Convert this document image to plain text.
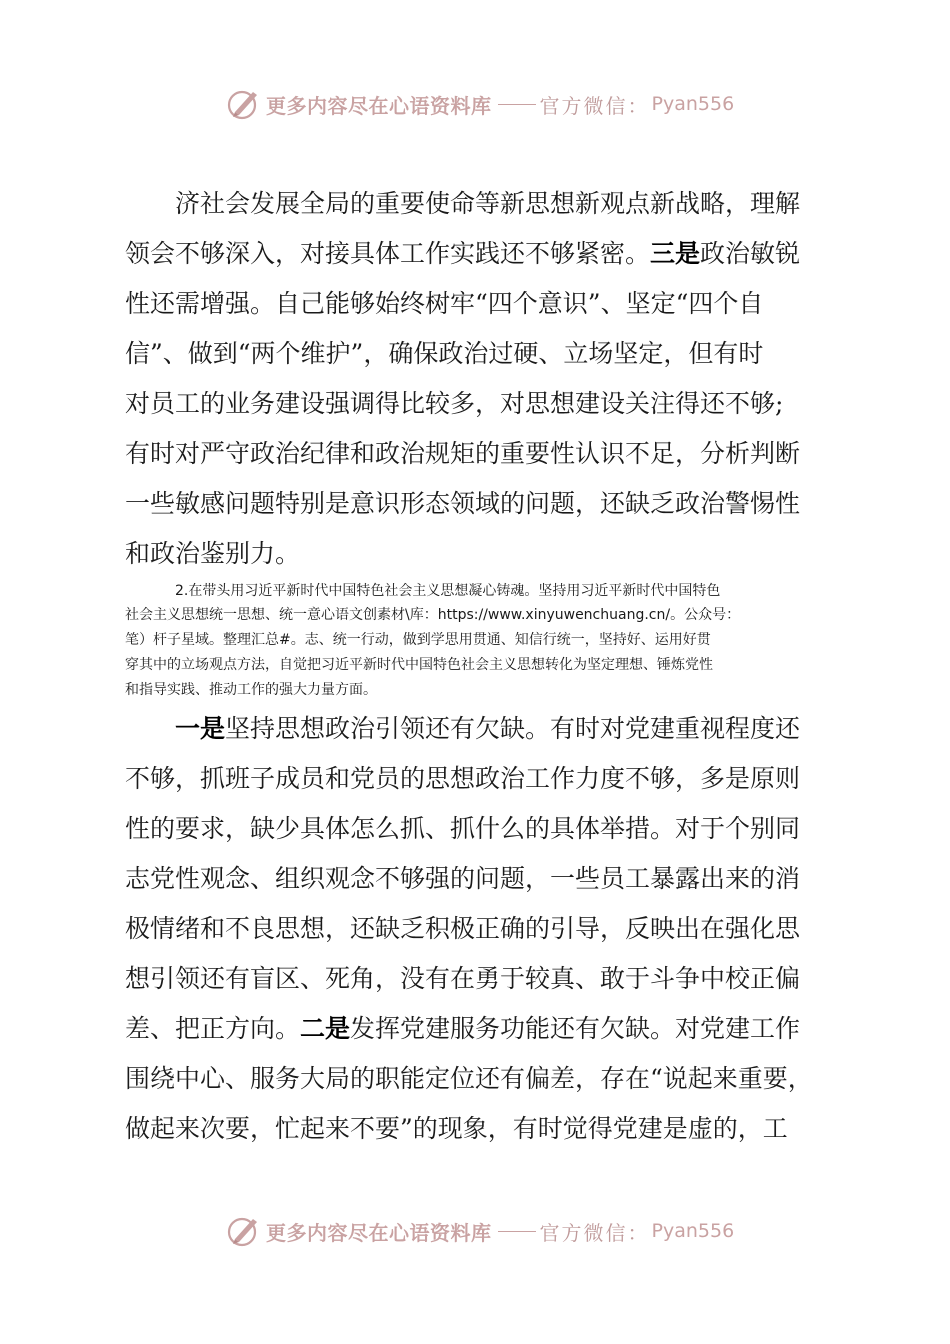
更多内容尽在心语资料库 官方微信： Pyan556
济社会发展全局的重要使命等新思想新观点新战略，理解
领会不够深入，对接具体工作实践还不够紧密。三是政治敏锐
性还需增强。自己能够始终树牢“四个意识”、坚定“四个自
信”、做到“两个维护”，确保政治过硬、立场坚定，但有时
对员工的业务建设强调得比较多，对思想建设关注得还不够;
有时对严守政治纪律和政治规矩的重要性认识不足，分析判断
一些敏感问题特别是意识形态领域的问题，还缺乏政治警惕性
和政治鉴别力。
2.在带头用习近平新时代中国特色社会主义思想凝心铸魂。坚持用习近平新时代中国特色
社会主义思想统一思想、统一意心语文创素材\库：https://www.xinyuwenchuang.cn/。公众号：
笔）杆子星域。整理汇总#。志、统一行动，做到学思用贯通、知信行统一，坚持好、运用好贯
穿其中的立场观点方法，自觉把习近平新时代中国特色社会主义思想转化为坚定理想、锤炼党性
和指导实践、推动工作的强大力量方面。
一是坚持思想政治引领还有欠缺。有时对党建重视程度还
不够，抓班子成员和党员的思想政治工作力度不够，多是原则
性的要求，缺少具体怎么抓、抓什么的具体举措。对于个别同
志党性观念、组织观念不够强的问题，一些员工暴露出来的消
极情绪和不良思想，还缺乏积极正确的引导，反映出在强化思
想引领还有盲区、死角，没有在勇于较真、敢于斗争中校正偏
差、把正方向。二是发挥党建服务功能还有欠缺。对党建工作
围绕中心、服务大局的职能定位还有偏差，存在“说起来重要，
做起来次要，忙起来不要”的现象，有时觉得党建是虚的，工
更多内容尽在心语资料库 官方微信： Pyan556
